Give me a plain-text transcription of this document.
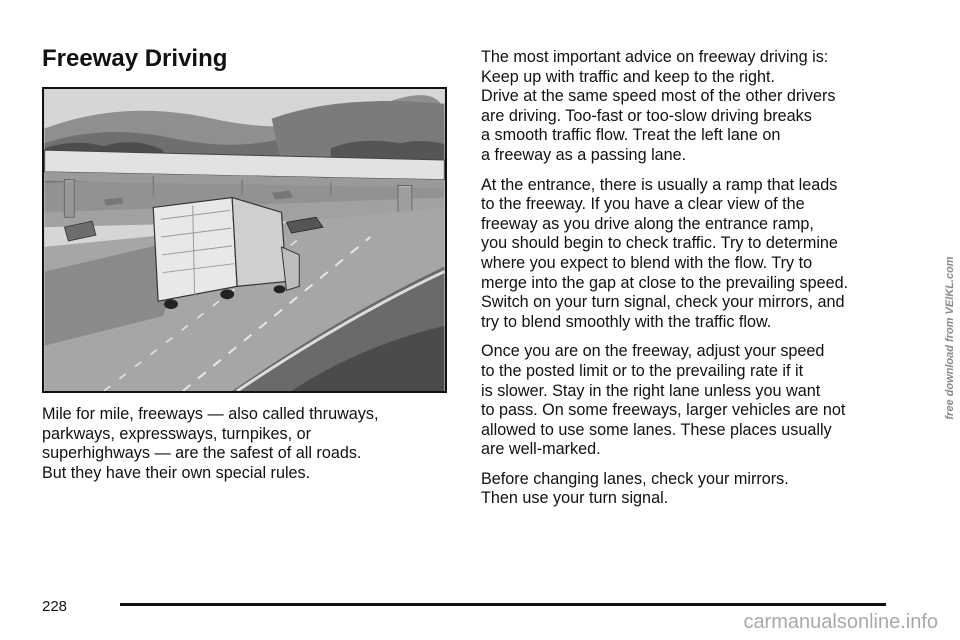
Freeway Driving
Mile for mile, freeways — also called thruways,
parkways, expressways, turnpikes, or
superhighways — are the safest of all roads.
But they have their own special rules.

The most important advice on freeway driving is:
Keep up with traffic and keep to the right.
Drive at the same speed most of the other drivers
are driving. Too-fast or too-slow driving breaks
a smooth traffic flow. Treat the left lane on
a freeway as a passing lane.

At the entrance, there is usually a ramp that leads
to the freeway. If you have a clear view of the
freeway as you drive along the entrance ramp,
you should begin to check traffic. Try to determine
where you expect to blend with the flow. Try to
merge into the gap at close to the prevailing speed.
Switch on your turn signal, check your mirrors, and
try to blend smoothly with the traffic flow.

Once you are on the freeway, adjust your speed
to the posted limit or to the prevailing rate if it
is slower. Stay in the right lane unless you want
to pass. On some freeways, larger vehicles are not
allowed to use some lanes. These places usually
are well-marked.

Before changing lanes, check your mirrors.
Then use your turn signal.

228
free download from VEIKL.com
carmanualsonline.info
